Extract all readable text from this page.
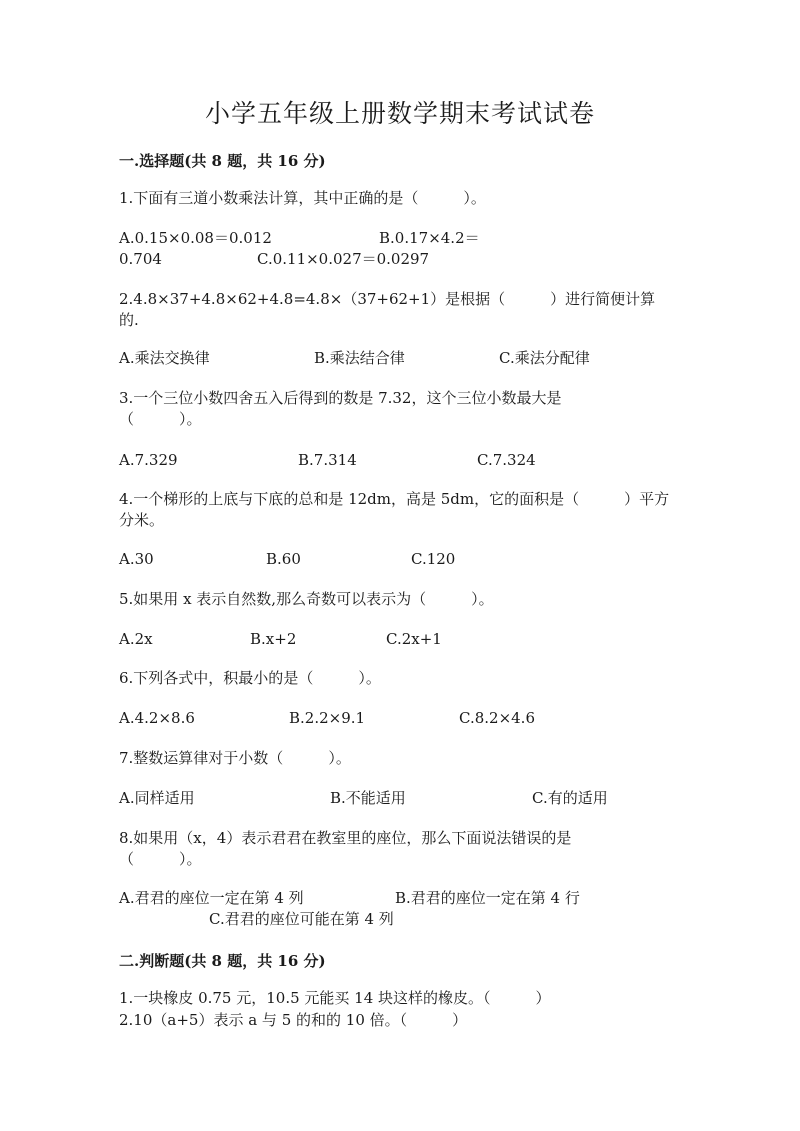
小学五年级上册数学期末考试试卷
一.选择题(共 8 题，共 16 分)
1.下面有三道小数乘法计算，其中正确的是（　　　）。
A.0.15×0.08＝0.012	B.0.17×4.2＝
0.704	C.0.11×0.027＝0.0297
2.4.8×37+4.8×62+4.8=4.8×（37+62+1）是根据（　　　）进行简便计算
的.
A.乘法交换律	B.乘法结合律	C.乘法分配律
3.一个三位小数四舍五入后得到的数是 7.32，这个三位小数最大是
（　　　）。
A.7.329	B.7.314	C.7.324
4.一个梯形的上底与下底的总和是 12dm，高是 5dm，它的面积是（　　　）平方
分米。
A.30	B.60	C.120
5.如果用 x 表示自然数,那么奇数可以表示为（　　　）。
A.2x	B.x+2	C.2x+1
6.下列各式中，积最小的是（　　　）。
A.4.2×8.6	B.2.2×9.1	C.8.2×4.6
7.整数运算律对于小数（　　　）。
A.同样适用	B.不能适用	C.有的适用
8.如果用（x，4）表示君君在教室里的座位，那么下面说法错误的是
（　　　）。
A.君君的座位一定在第 4 列	B.君君的座位一定在第 4 行
C.君君的座位可能在第 4 列
二.判断题(共 8 题，共 16 分)
1.一块橡皮 0.75 元，10.5 元能买 14 块这样的橡皮。（　　　）
2.10（a+5）表示 a 与 5 的和的 10 倍。（　　　）
